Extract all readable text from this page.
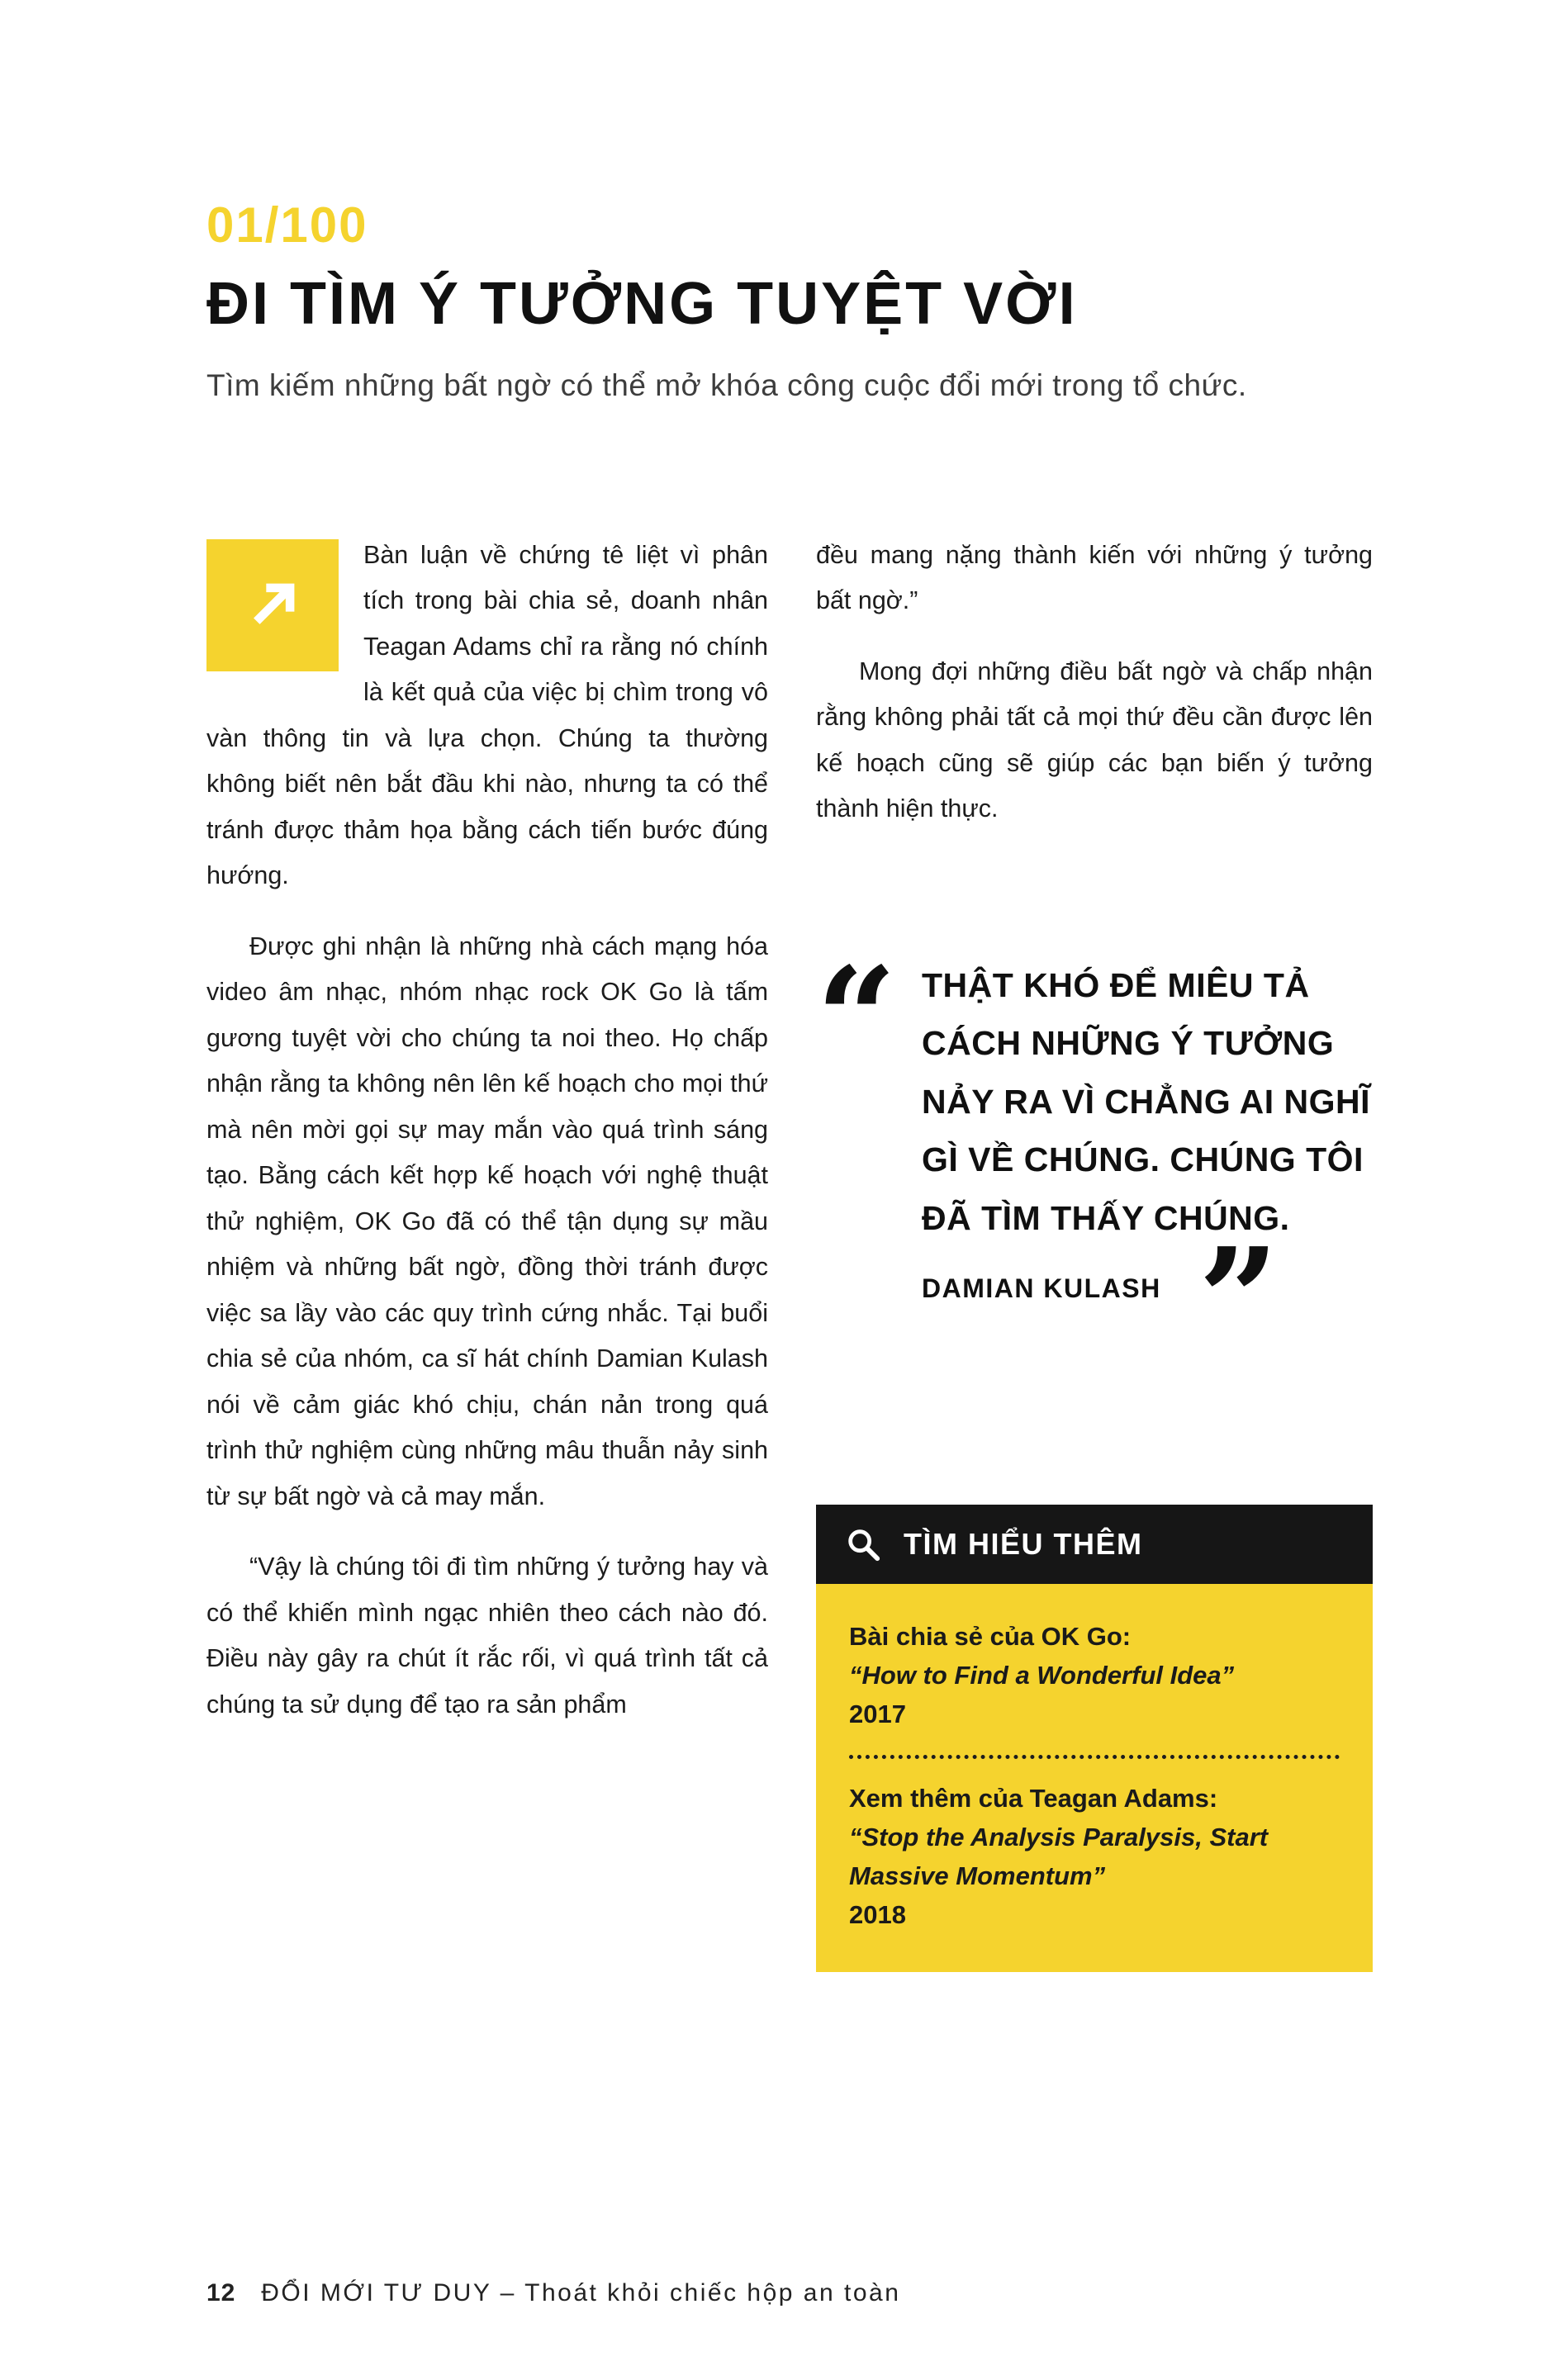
01/100
ĐI TÌM Ý TƯỞNG TUYỆT VỜI

Tìm kiếm những bất ngờ có thể mở khóa công cuộc đổi mới trong tổ chức.

Bàn luận về chứng tê liệt vì phân tích trong bài chia sẻ, doanh nhân Teagan Adams chỉ ra rằng nó chính là kết quả của việc bị chìm trong vô vàn thông tin và lựa chọn. Chúng ta thường không biết nên bắt đầu khi nào, nhưng ta có thể tránh được thảm họa bằng cách tiến bước đúng hướng.

Được ghi nhận là những nhà cách mạng hóa video âm nhạc, nhóm nhạc rock OK Go là tấm gương tuyệt vời cho chúng ta noi theo. Họ chấp nhận rằng ta không nên lên kế hoạch cho mọi thứ mà nên mời gọi sự may mắn vào quá trình sáng tạo. Bằng cách kết hợp kế hoạch với nghệ thuật thử nghiệm, OK Go đã có thể tận dụng sự mầu nhiệm và những bất ngờ, đồng thời tránh được việc sa lầy vào các quy trình cứng nhắc. Tại buổi chia sẻ của nhóm, ca sĩ hát chính Damian Kulash nói về cảm giác khó chịu, chán nản trong quá trình thử nghiệm cùng những mâu thuẫn nảy sinh từ sự bất ngờ và cả may mắn.

“Vậy là chúng tôi đi tìm những ý tưởng hay và có thể khiến mình ngạc nhiên theo cách nào đó. Điều này gây ra chút ít rắc rối, vì quá trình tất cả chúng ta sử dụng để tạo ra sản phẩm

đều mang nặng thành kiến với những ý tưởng bất ngờ.”

Mong đợi những điều bất ngờ và chấp nhận rằng không phải tất cả mọi thứ đều cần được lên kế hoạch cũng sẽ giúp các bạn biến ý tưởng thành hiện thực.

“ THẬT KHÓ ĐỂ MIÊU TẢ CÁCH NHỮNG Ý TƯỞNG NẢY RA VÌ CHẲNG AI NGHĨ GÌ VỀ CHÚNG. CHÚNG TÔI ĐÃ TÌM THẤY CHÚNG.
DAMIAN KULASH ”
TÌM HIỂU THÊM
Bài chia sẻ của OK Go:
“How to Find a Wonderful Idea”
2017
Xem thêm của Teagan Adams:
“Stop the Analysis Paralysis, Start Massive Momentum”
2018
12 ĐỔI MỚI TƯ DUY – Thoát khỏi chiếc hộp an toàn
